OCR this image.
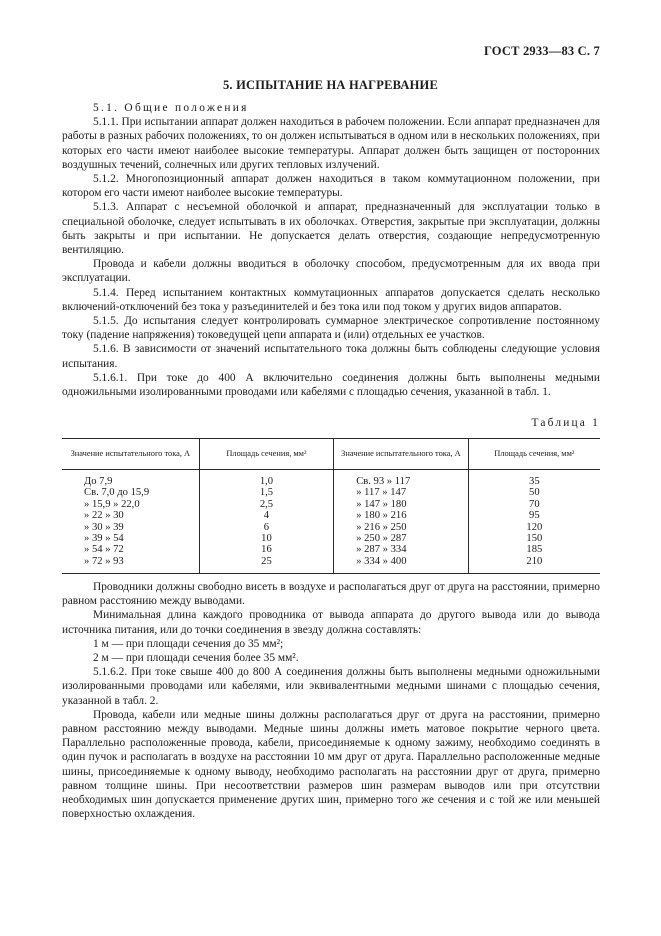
ГОСТ 2933—83 С. 7
5. ИСПЫТАНИЕ НА НАГРЕВАНИЕ

5.1. Общие положения

5.1.1. При испытании аппарат должен находиться в рабочем положении. Если аппарат предназначен для работы в разных рабочих положениях, то он должен испытываться в одном или в нескольких положениях, при которых его части имеют наиболее высокие температуры. Аппарат должен быть защищен от посторонних воздушных течений, солнечных или других тепловых излучений.

5.1.2. Многопозиционный аппарат должен находиться в таком коммутационном положении, при котором его части имеют наиболее высокие температуры.

5.1.3. Аппарат с несъемной оболочкой и аппарат, предназначенный для эксплуатации только в специальной оболочке, следует испытывать в их оболочках. Отверстия, закрытые при эксплуатации, должны быть закрыты и при испытании. Не допускается делать отверстия, создающие непредусмотренную вентиляцию.

Провода и кабели должны вводиться в оболочку способом, предусмотренным для их ввода при эксплуатации.

5.1.4. Перед испытанием контактных коммутационных аппаратов допускается сделать несколько включений-отключений без тока у разъединителей и без тока или под током у других видов аппаратов.

5.1.5. До испытания следует контролировать суммарное электрическое сопротивление постоянному току (падение напряжения) токоведущей цепи аппарата и (или) отдельных ее участков.

5.1.6. В зависимости от значений испытательного тока должны быть соблюдены следующие условия испытания.

5.1.6.1. При токе до 400 А включительно соединения должны быть выполнены медными одножильными изолированными проводами или кабелями с площадью сечения, указанной в табл. 1.

Таблица 1
Значение испытательного тока, А	Площадь сечения, мм²	Значение испытательного тока, А	Площадь сечения, мм²
До 7,9	1,0	Св. 93 » 117	35
Св. 7,0 до 15,9	1,5	» 117 » 147	50
» 15,9 » 22,0	2,5	» 147 » 180	70
» 22 » 30	4	» 180 » 216	95
» 30 » 39	6	» 216 » 250	120
» 39 » 54	10	» 250 » 287	150
» 54 » 72	16	» 287 » 334	185
» 72 » 93	25	» 334 » 400	210

Проводники должны свободно висеть в воздухе и располагаться друг от друга на расстоянии, примерно равном расстоянию между выводами.

Минимальная длина каждого проводника от вывода аппарата до другого вывода или до вывода источника питания, или до точки соединения в звезду должна составлять:

1 м — при площади сечения до 35 мм²;

2 м — при площади сечения более 35 мм².

5.1.6.2. При токе свыше 400 до 800 А соединения должны быть выполнены медными одножильными изолированными проводами или кабелями, или эквивалентными медными шинами с площадью сечения, указанной в табл. 2.

Провода, кабели или медные шины должны располагаться друг от друга на расстоянии, примерно равном расстоянию между выводами. Медные шины должны иметь матовое покрытие черного цвета. Параллельно расположенные провода, кабели, присоединяемые к одному зажиму, необходимо соединять в один пучок и располагать в воздухе на расстоянии 10 мм друг от друга. Параллельно расположенные медные шины, присоединяемые к одному выводу, необходимо располагать на расстоянии друг от друга, примерно равном толщине шины. При несоответствии размеров шин размерам выводов или при отсутствии необходимых шин допускается применение других шин, примерно того же сечения и с той же или меньшей поверхностью охлаждения.
